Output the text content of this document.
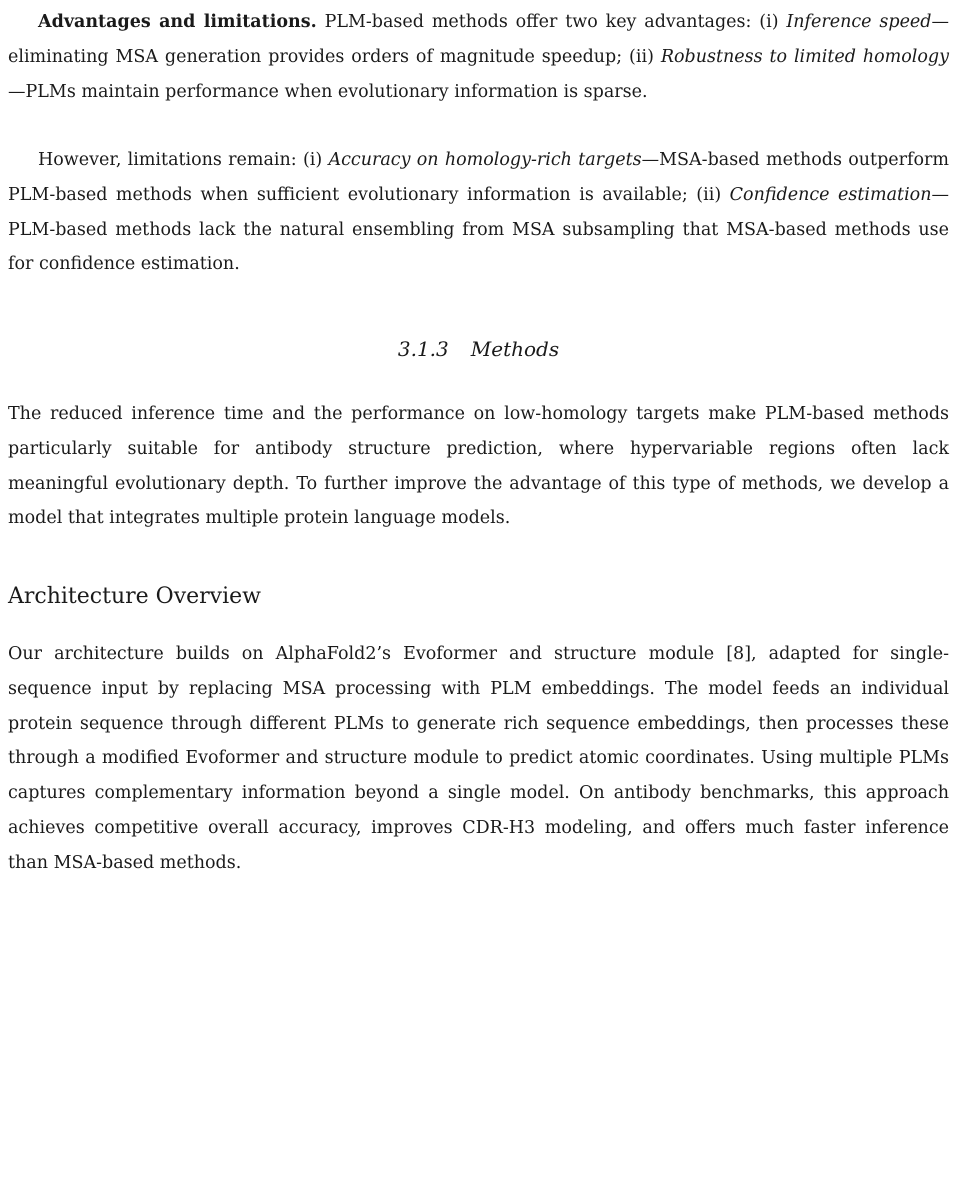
Advantages and limitations. PLM-based methods offer two key advantages: (i) Inference speed—eliminating MSA generation provides orders of magnitude speedup; (ii) Robustness to limited homology—PLMs maintain performance when evolutionary information is sparse.

However, limitations remain: (i) Accuracy on homology-rich targets—MSA-based methods outperform PLM-based methods when sufficient evolutionary information is available; (ii) Confidence estimation—PLM-based methods lack the natural ensembling from MSA subsampling that MSA-based methods use for confidence estimation.

3.1.3 Methods

The reduced inference time and the performance on low-homology targets make PLM-based methods particularly suitable for antibody structure prediction, where hypervariable regions often lack meaningful evolutionary depth. To further improve the advantage of this type of methods, we develop a model that integrates multiple protein language models.

Architecture Overview

Our architecture builds on AlphaFold2’s Evoformer and structure module [8], adapted for single-sequence input by replacing MSA processing with PLM embeddings. The model feeds an individual protein sequence through different PLMs to generate rich sequence embeddings, then processes these through a modified Evoformer and structure module to predict atomic coordinates. Using multiple PLMs captures complementary information beyond a single model. On antibody benchmarks, this approach achieves competitive overall accuracy, improves CDR-H3 modeling, and offers much faster inference than MSA-based methods.
